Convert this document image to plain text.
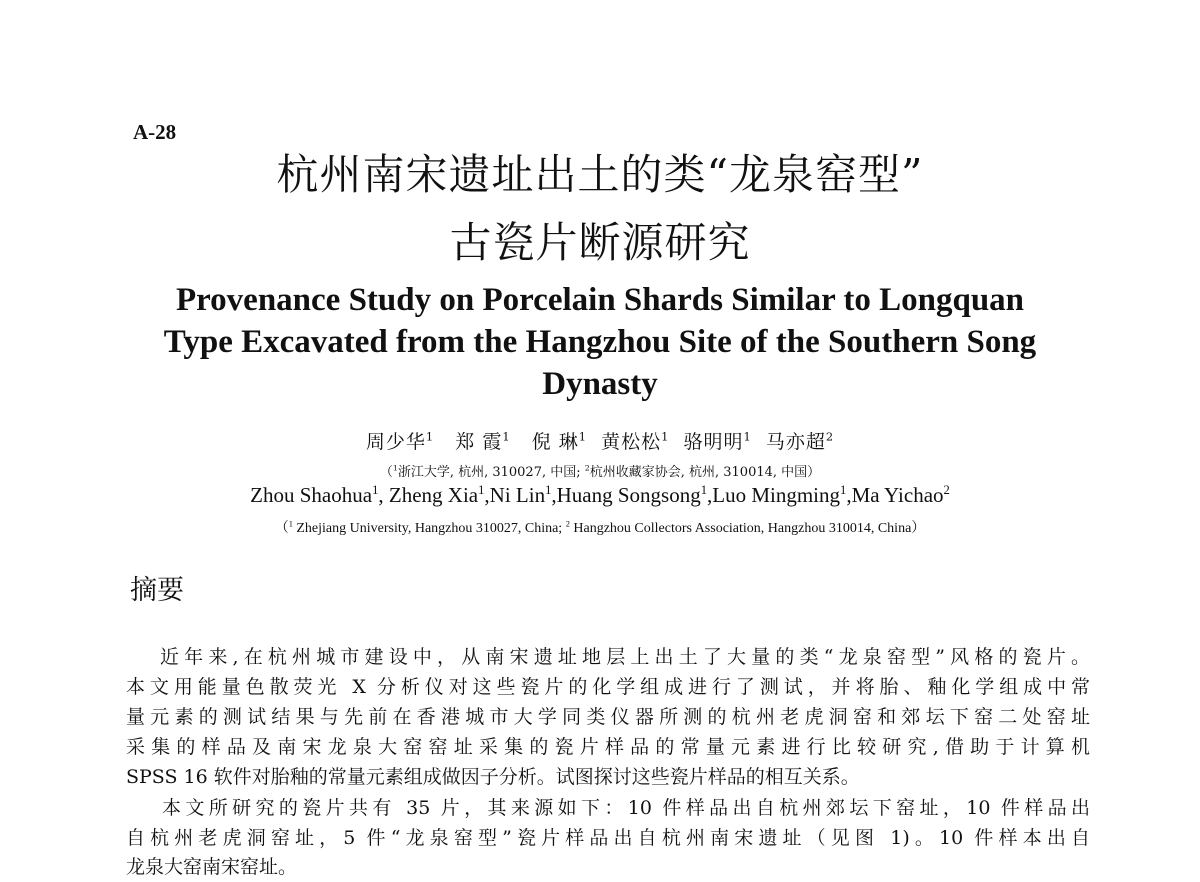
A-28
杭州南宋遗址出土的类“龙泉窑型”
古瓷片断源研究
Provenance Study on Porcelain Shards Similar to Longquan
Type Excavated from the Hangzhou Site of the Southern Song
Dynasty
周少华$^1$ 郑 霞$^1$ 倪 琳$^1$ 黄松松$^1$ 骆明明$^1$ 马亦超$^2$
（$^1$浙江大学, 杭州, 310027, 中国; $^2$杭州收藏家协会, 杭州, 310014, 中国）
Zhou Shaohua$^1$, Zheng Xia$^1$,Ni Lin$^1$,Huang Songsong$^1$,Luo Mingming$^1$,Ma Yichao$^2$
（$^1$ Zhejiang University, Hangzhou 310027, China; $^2$ Hangzhou Collectors Association, Hangzhou 310014, China）
摘要
近年来,在杭州城市建设中，从南宋遗址地层上出土了大量的类“龙泉窑型”风格的瓷片。
本文用能量色散荧光 X 分析仪对这些瓷片的化学组成进行了测试，并将胎、釉化学组成中常
量元素的测试结果与先前在香港城市大学同类仪器所测的杭州老虎洞窑和郊坛下窑二处窑址
采集的样品及南宋龙泉大窑窑址采集的瓷片样品的常量元素进行比较研究,借助于计算机
SPSS 16 软件对胎釉的常量元素组成做因子分析。试图探讨这些瓷片样品的相互关系。
本文所研究的瓷片共有 35 片，其来源如下：10 件样品出自杭州郊坛下窑址，10 件样品出
自杭州老虎洞窑址，5 件“龙泉窑型”瓷片样品出自杭州南宋遗址（见图 1)。10 件样本出自
龙泉大窑南宋窑址。
